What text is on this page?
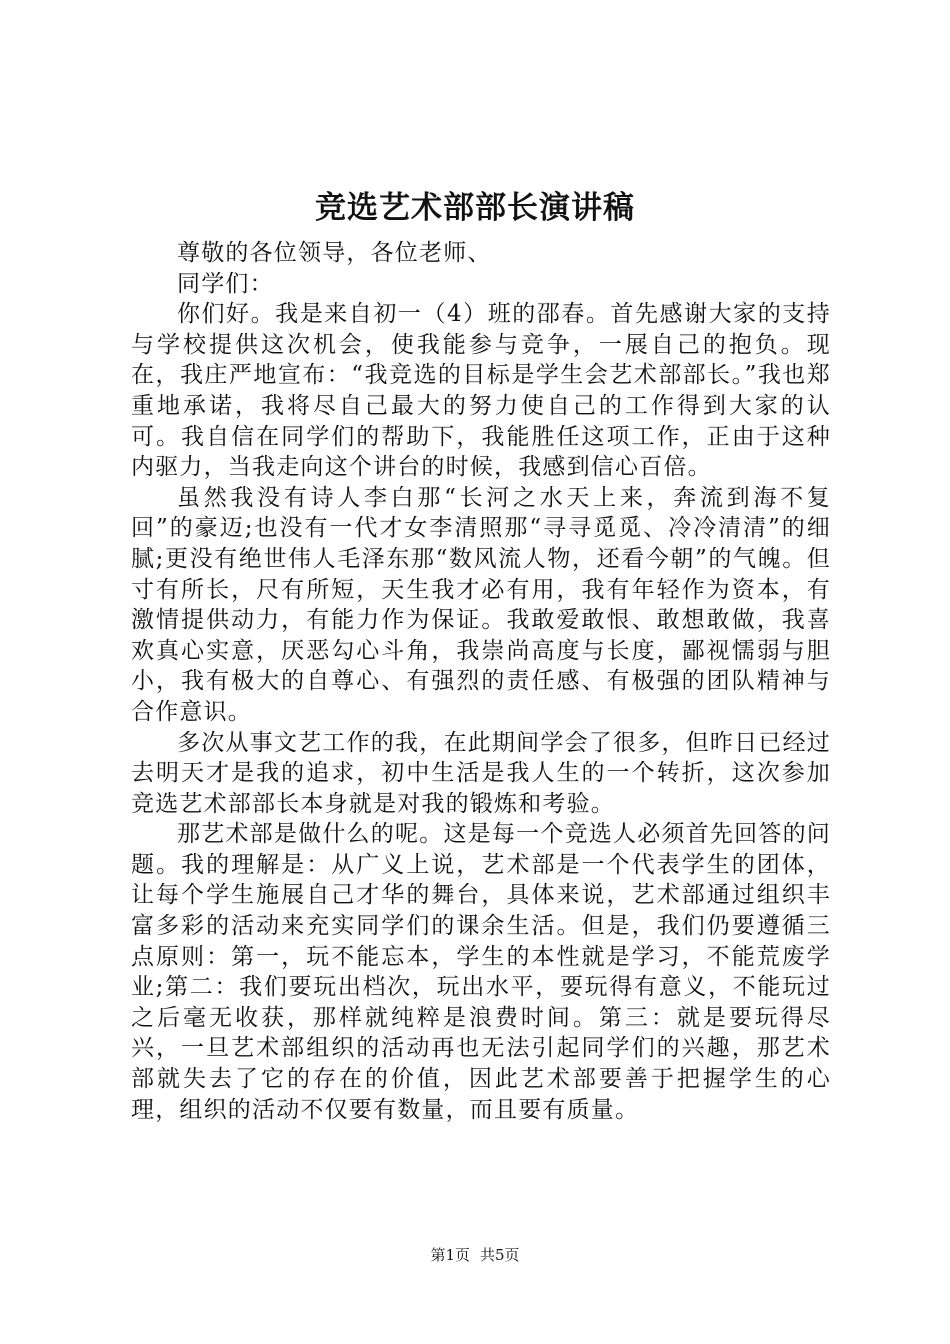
竞选艺术部部长演讲稿

尊敬的各位领导，各位老师、

同学们：

你们好。我是来自初一（4）班的邵春。首先感谢大家的支持与学校提供这次机会，使我能参与竞争，一展自己的抱负。现在，我庄严地宣布：“我竞选的目标是学生会艺术部部长。”我也郑重地承诺，我将尽自己最大的努力使自己的工作得到大家的认可。我自信在同学们的帮助下，我能胜任这项工作，正由于这种内驱力，当我走向这个讲台的时候，我感到信心百倍。

虽然我没有诗人李白那“长河之水天上来，奔流到海不复回”的豪迈;也没有一代才女李清照那“寻寻觅觅、冷冷清清”的细腻;更没有绝世伟人毛泽东那“数风流人物，还看今朝”的气魄。但寸有所长，尺有所短，天生我才必有用，我有年轻作为资本，有激情提供动力，有能力作为保证。我敢爱敢恨、敢想敢做，我喜欢真心实意，厌恶勾心斗角，我崇尚高度与长度，鄙视懦弱与胆小，我有极大的自尊心、有强烈的责任感、有极强的团队精神与合作意识。

多次从事文艺工作的我，在此期间学会了很多，但昨日已经过去明天才是我的追求，初中生活是我人生的一个转折，这次参加竞选艺术部部长本身就是对我的锻炼和考验。

那艺术部是做什么的呢。这是每一个竞选人必须首先回答的问题。我的理解是：从广义上说，艺术部是一个代表学生的团体，让每个学生施展自己才华的舞台，具体来说，艺术部通过组织丰富多彩的活动来充实同学们的课余生活。但是，我们仍要遵循三点原则：第一，玩不能忘本，学生的本性就是学习，不能荒废学业;第二：我们要玩出档次，玩出水平，要玩得有意义，不能玩过之后毫无收获，那样就纯粹是浪费时间。第三：就是要玩得尽兴，一旦艺术部组织的活动再也无法引起同学们的兴趣，那艺术部就失去了它的存在的价值，因此艺术部要善于把握学生的心理，组织的活动不仅要有数量，而且要有质量。

第1页 共5页
